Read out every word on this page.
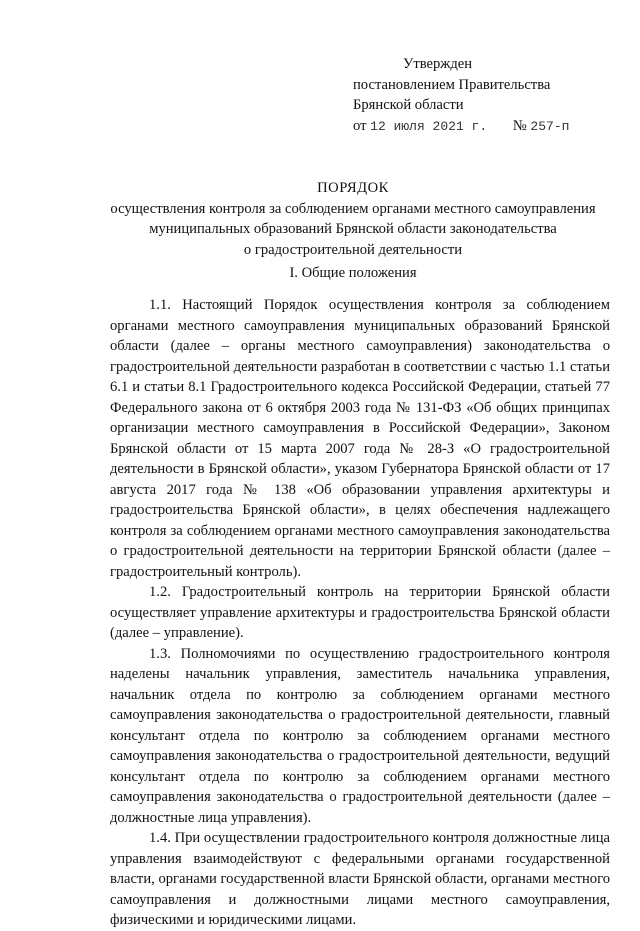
Утвержден
постановлением Правительства
Брянской области
от 12 июля 2021 г. № 257-п
ПОРЯДОК
осуществления контроля за соблюдением органами местного самоуправления
муниципальных образований Брянской области законодательства
о градостроительной деятельности
I. Общие положения

1.1. Настоящий Порядок осуществления контроля за соблюдением органами местного самоуправления муниципальных образований Брянской области (далее – органы местного самоуправления) законодательства о градостроительной деятельности разработан в соответствии с частью 1.1 статьи 6.1 и статьи 8.1 Градостроительного кодекса Российской Федерации, статьей 77 Федерального закона от 6 октября 2003 года № 131-ФЗ «Об общих принципах организации местного самоуправления в Российской Федерации», Законом Брянской области от 15 марта 2007 года № 28-З «О градостроительной деятельности в Брянской области», указом Губернатора Брянской области от 17 августа 2017 года № 138 «Об образовании управления архитектуры и градостроительства Брянской области», в целях обеспечения надлежащего контроля за соблюдением органами местного самоуправления законодательства о градостроительной деятельности на территории Брянской области (далее – градостроительный контроль).

1.2. Градостроительный контроль на территории Брянской области осуществляет управление архитектуры и градостроительства Брянской области (далее – управление).

1.3. Полномочиями по осуществлению градостроительного контроля наделены начальник управления, заместитель начальника управления, начальник отдела по контролю за соблюдением органами местного самоуправления законодательства о градостроительной деятельности, главный консультант отдела по контролю за соблюдением органами местного самоуправления законодательства о градостроительной деятельности, ведущий консультант отдела по контролю за соблюдением органами местного самоуправления законодательства о градостроительной деятельности (далее – должностные лица управления).

1.4. При осуществлении градостроительного контроля должностные лица управления взаимодействуют с федеральными органами государственной власти, органами государственной власти Брянской области, органами местного самоуправления и должностными лицами местного самоуправления, физическими и юридическими лицами.
